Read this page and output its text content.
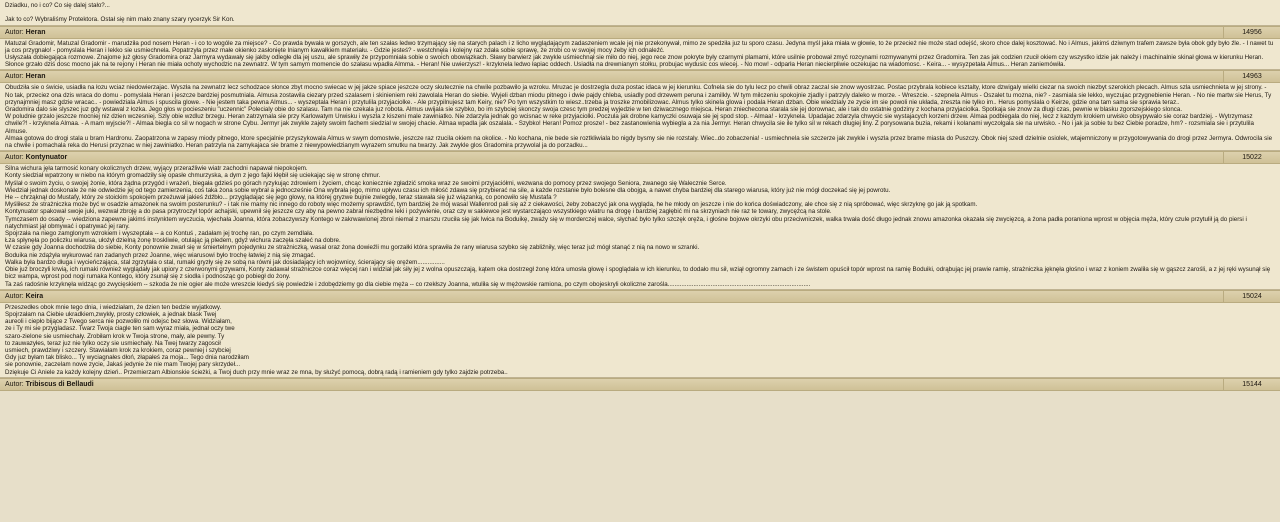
Dziadku, no i co? Co się dalej stało?...

Jak to co? Wybraliśmy Protektora. Ostał się nim mało znany szary rycerzyk Sir Kon.
Autor: Heran	14956
Matuzal Gradomir, Matuzal Gradomir - marudziła pod nosem Heran - i co to wogóle za miejsce? - Co prawda bywała w gorszych, ale ten szałas ledwo trzymający się na starych palach i z licho wyglądającym zadaszeniem wcale jej nie przekonywał, mimo ze spedziła juz tu sporo czasu. Jedyna myśl jaka miała w głowie, to że przecież nie może stad odejść, skoro chce dalej kosztować. No i Almus, jakimś dziwnym trafem zawsze była obok gdy było źle. - I nawet tu ja cos przygnało! - pomyslala Heran i lekko sie usmiechnela. Popatrzyła przez małe okienko zasłonięte lnianym kawałkiem materiału. - Gdzie jesteś? - westchnęła i kolejny raz zdała sobie sprawę, że zrobi co w swojej mocy żeby ich odnaleźć.
Usłyszała dobiegająca rozmowe. Znajome już głosy Gradomira oraz Jarmyra wydawały się jakby odległe dla jej uszu, ale sprawiły że przypomniała sobie o swoich obowiązkach. Sławy barwierz jak zwykle uśmiechnął sie miło do niej, jego rece znow pokryte były czarnymi plamami, które usilnie probował zmyć rozcynami rozmywanymi przez Gradomira. Ten zas jak codzien rzucił okiem czy wszystko idzie jak należy i machinalnie skinał głowa w kierunku Heran.
Słonce grzało dziś dosc mocno jak na te rejony i Heran nie miała ochoty wychodzic na zewnatrz. W tym samym momencie do szałasu wpadła Almma. - Heran! Nie uwierzysz! - krzyknela ledwo łapiac oddech. Usiadła na drewnianym stołku, probujac wydusic cos wiecej. - No mow! - odparła Heran niecierpliwie oczekujac na wiadomosc. - Keira... - wysyzpetała Almus... Heran zaniemówiła.
Autor: Heran	14963
Obudziła sie o świcie, usiadła na łozu wciaz niedowierzajac. Wyszła na zewnatrz lecz schodzace słonce zbyt mocno swiecac w jej jakze spiace jeszcze oczy skutecznie na chwile pozbawilo ja wzroku. Mruzac je dostrzegla duza postac idaca w jej kierunku. Cofnela sie do tylu lecz po chwili obraz zaczal sie znow wyostrzac. Postac przybrala kobiece ksztalty, ktore dzwigaly wielki ciezar na swoich niezbyt szerokich plecach. Almus szla usmiechnieta w jej strony. - No tak, przeciez ona dzis wraca do domu - pomyslala Heran i jeszcze bardziej posmutniala. Almusa zostawila ciezary przed szalasem i skinieniem reki zawolala Heran do siebie. Wyjeli dzban miodu pitnego i dwie pajdy chleba, usiadly pod drzewem peruna i zamilkly. W tym milczeniu spokojnie zjadly i patrzyly daleko w morze. - Wreszcie. - szepnela Almus - Oszalet tu mozna, nie? - zasmiala sie lekko, wyczujac przygnebienie Heran. - No nie martw sie Herus, Ty przynajmniej masz gdzie wracac.. - powiedziala Almus i spuscila glowe. - Nie jestem taka pewna Almus... - wyszeptala Heran i przytulila przyjaciolke. - Ale przypilnujesz tam Keiry, nie? Po tym wszystkim to wiesz..trzeba ja troszke zmobilizowac. Almus tylko skinela glowa i podala Heran dzban. Obie wiedzialy ze zycie im sie powoli nie układa, zreszta nie tylko im.. Herus pomyslala o Keirze, gdzie ona tam sama sie sprawia teraz..
Gradomira dalo sie slyszec juz gdy wstawal z łozka. Jego głos w pocieszeniu "uczennic" Polecialy obie do szalasu. Tam na nie czekala juz robota. Almus uwijala sie szybko, bo im szybciej skonczy swoja czesc tym predzej wyjedzie w ten dziwacznego miejsca. Heran zniechecona starala sie jej dorownac, ale i tak do ostatnie godziny z kochana przyjaciolka. Spotkaja sie znow za dlugi czas, pewnie w blasku zgorszejskiego slonca.
W poludnie grzalo jeszcze mocniej niz dzien wczesniej. Szly obie wzdluz brzegu. Heran zatrzymala sie przy Karlowatym Urwisku i wyszla z kiszeni male zawiniatko. Nie zdarzyla jednak go wcisnac w reke przyjaciolki. Poczula jak drobne kamyczki osuwaja sie jej spod stop. - Almaa! - krzyknela. Upadajac zdarzyla chwycic sie wystajacych korzeni drzew. Almaa podbiegala do niej, lecz z kazdym krokiem urwisko obsypywalo sie coraz bardziej. - Wytrzymasz chwile?! - krzyknela Almaa. - A mam wyjscie?! - Almaa biegla co sil w nogach w strone Cybu. Jermyr jak zwykle zajety swoim fachem siedzial w swojej chacie. Almaa wpadla jak oszalala. - Szybko! Heran! Pomoz prosze! - bez zastanowienia wybiegla a za nia Jermyr. Heran chwycila sie ile tylko sil w rekach dlugiej liny. Z porysowana buzia, rekami i kolanami wyczolgala sie na urwisko. - No i jak ja sobie tu bez Ciebie poradze, hm? - rozsmiala sie i przytulila Almuse.
Almaa gotowa do drogi stala u bram Hardronu. Zaopatrzona w zapasy miody pitnego, ktore specjalnie przyszykowala Almus w swym domostwie, jeszcze raz rzucila okiem na okolice. - No kochana, nie bede sie roztkliwiala bo nigdy bysmy sie nie rozstaly. Wiec..do zobaczenia! - usmiechnela sie szczerze jak zwykle i wyszla przez brame miasta do Puszczy. Obok niej szedl dzielnie osiolek, wtajemniczony w przygotowywania do drogi przez Jermyra. Odwrocila sie na chwile i pomachala reka do Herusi przyznac w niej zawiniatko. Heran patrzyla na zamykajaca sie brame z niewypowiedzianym wyrazem smutku na twarzy. Jak zwykle glos Gradomira przywolal ja do porzadku...
Autor: Kontynuator	15022
Silna wichura jęła tarmosić konary okolicznych drzew, wyjący przeraźliwie wiatr zachodni napawał niepokojem.
Konty siedział wpatrzony w niebo na którym gromadziły się opasłe chmurzyska, a dym z jego fajki kłębił się uciekając się w stronę chmur.
Myślał o swoim życiu, o swojej żonie, która żądna przygód i wrażeń, biegała gdzieś po górach ryzykując zdrowiem i życiem, chcąc koniecznie zgładzić smoka wraz ze swoimi przyjaciółmi, wezwana do pomocy przez swojego Seniora, zwanego się Walecznie Serce.
Wiedział jednak doskonale że nie odwiedzie jej od tego zamierzenia, coś taka żona sobie wybrał a jednocześnie Ona wybrała jego, mimo upływu czasu ich miłość zdawa się przybierać na sile, a każde rozstanie było bolesne dla obojga, a nawet chyba bardziej dla starego wiarusa, który już nie mógł doczekać się jej powrotu.
He -- chrząknął do Mustafy, który ze stoickim spokojem przeżuwał jakieś źdźbło... przyglądając się jego głowy, na której gryzwe bujnie zwiegdę, teraz stawała się już wiązanką, co ponowiło się Mustafa ?
Myśliłesz że strażniczka może być w osadzie amazonek na swoim posterunku? - i tak nie mamy nic innego do roboty więc możemy sprawdzić, tym bardziej że mój wasal Wallenrod pali się aż z ciekawości, żeby zobaczyć jak ona wygląda, he he młody on jeszcze i nie do końca doświadczony, ale chce się z nią spróbować, więc skrzyknę go jak ją spotkam.
Kontynuator spakował swoje juki, wezwał zbroję a do pasa przytroczył topór achajski, upewnił się jeszcze czy aby na pewno zabrał niezbędne leki i pożywienie, oraz czy w sakiewce jest wystarczająco wszystkiego wiatru na drogę i bardziej zagłębić mi na skrzyniach nie raz te towary, zwycężcą na stole.
Tymczasem do osady -- wiedziona zapewne jakimś instynktem wyczucia, wjechała Joanna, która zobaczywszy Kontego w zakrwawionej zbroi niemal z marszu rzuciła się jak lwica na Boduikę, zważy się w morderczej walce, słychać było tylko szczęk oręża, i głośne bojowe okrzyki obu przeciwniczek, walka trwała dość długo jednak znowu amazonka okazała się zwycięzcą, a żona padła poraniona wprost w objęcia męża, który czule przytulił ją do piersi i natychmiast jął obmywać i opatrywać jej rany.
Spojrzała na niego zamglonym wzrokiem i wyszeptała -- a co Kontuś , zadałam jej trochę ran, po czym zemdlała.
Łza spłynęła po policzku wiarusa, ułożył dzielną żonę troskliwie, otulając ją pledem, gdyż wichura zaczęła szaleć na dobre.
W czasie gdy Joanna dochodziła do siebie, Konty ponownie zwarł się w śmiertelnym pojedynku ze strażniczką, wasal oraz żona dowieźli mu gorzałki która sprawiła że rany wiarusa szybko się zabliźniły, więc teraz już mógł stanąć z nią na nowo w szranki.
Boduika nie zdążyła wykurować ran zadanych przez Joanne, więc wiarusowi było trochę łatwiej z nią się zmagać.
Walka była bardzo długa i wycieńczająca, stal zgrzytała o stal, rumaki gryzły się ze sobą na równi jak dosiadający ich wojownicy, ścierający się orężem................
Obie już broczyli krwią, ich rumaki również wyglądały jak upiory z czerwonymi grzywami, Konty zadawał strażniczce coraz więcej ran i widział jak siły jej z wolna opuszczają, kątem oka dostrzegł żonę która umosła głowę i spoglądała w ich kierunku, to dodało mu sił, wziął ogromny zamach i ze świstem opuścił topór wprost na ramię Boduiki, odrąbując jej prawie ramię, strażniczka jęknęła głośno i wraz z koniem zwaliła się w gąszcz zarośli, a z jej ręki wysunął się bicz wampa, wprost pod nogi rumaka Kontego, który zsunął się z siodła i podnosząc go pobiegł do żony.
Ta zaś radośnie krzyknęła widząc go zwycięskiem -- szkoda że nie ogier ale może wreszcie kiedyś się powiedzie i zdobędziemy go dla ciebie męża -- co rzekłszy Joanna, wtuliła się w mężowskie ramiona, po czym obojeskryli okoliczne zarośla...................................................................................
Autor: Keira	15024
Przeszedłes obok mnie tego dnia, i wiedziałam, że dzien ten bedzie wyjatkowy.
Spojrzałam na Ciebie ukradkiem,zwykły, prosty człowiek, a jednak blask Twej
aureoli i ciepło bijące z Twego serca nie pozwoliło mi odejsc bez słowa. Widziałam,
ze i Ty mi sie przygladasz. Twarz Twoja ciagle ten sam wyraz miała, jednał oczy twe
szaro-zielone sie usmiechały. Zrobiłam krok w Twoja strone, mały, ale pewny. Ty
to zauwazyłes, teraz juz nie tylko oczy sie usmiechały. Na Twej twarzy zagoscił
usmiech, prawdziwy i szczery. Stawiałam krok za krokiem, coraz pewniej i szybciej
Gdy juz byłam tak blisko... Ty wyciagnałes dłoń, złapałeś za moja... Tego dnia narodziłam
sie ponownie, zaczelam nowe zycie, Jakaś jedynie że nie mam Twojej pary skrzydeł...
Dziękuje Ci Aniele za każdy kolejny dzień.. Przemierzam Albionskie ścieżki, a Twoj duch przy mnie wraz ze mna, by służyć pomocą, dobrą radą i ramieniem gdy tylko zajdzie potrzeba..
Autor: Tribiscus di Bellaudi	15144
